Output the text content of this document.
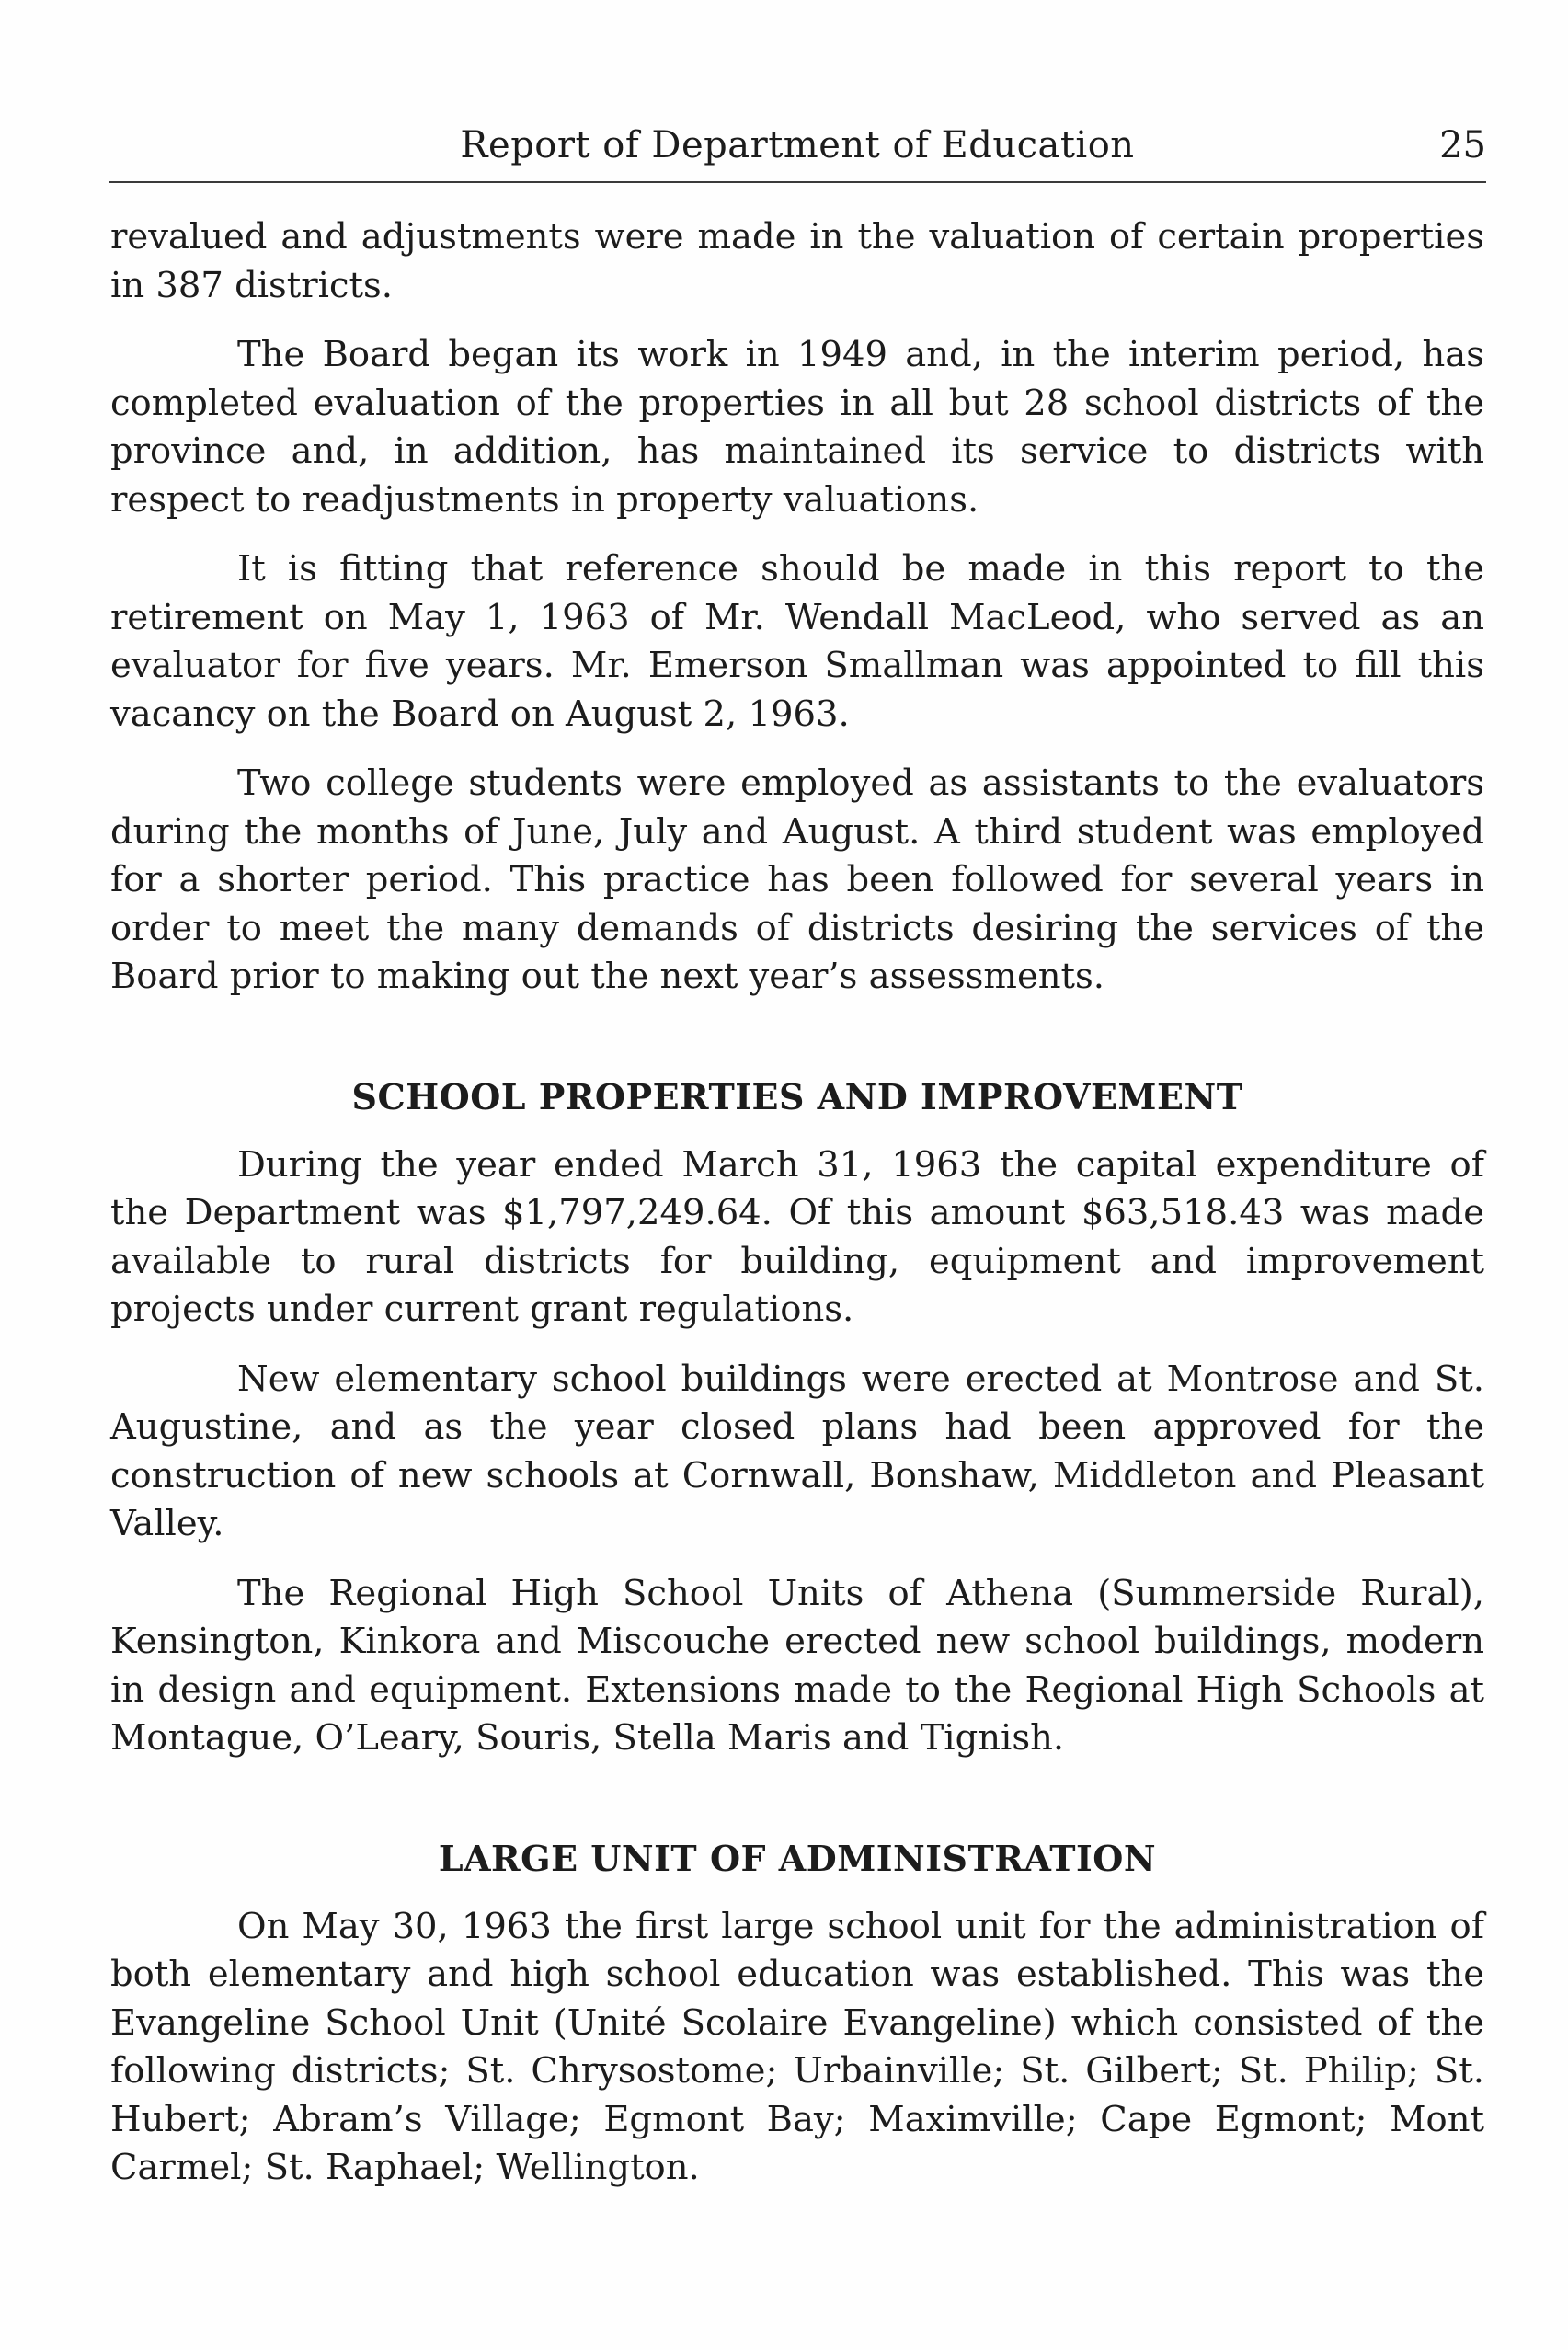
Report of Department of Education	25

revalued and adjustments were made in the valuation of certain properties in 387 districts.

The Board began its work in 1949 and, in the interim period, has completed evaluation of the properties in all but 28 school districts of the province and, in addition, has maintained its service to districts with respect to readjustments in property valuations.

It is fitting that reference should be made in this report to the retirement on May 1, 1963 of Mr. Wendall MacLeod, who served as an evaluator for five years. Mr. Emerson Smallman was appointed to fill this vacancy on the Board on August 2, 1963.

Two college students were employed as assistants to the evaluators during the months of June, July and August. A third student was employed for a shorter period. This practice has been followed for several years in order to meet the many demands of districts desiring the services of the Board prior to making out the next year’s assessments.

SCHOOL PROPERTIES AND IMPROVEMENT

During the year ended March 31, 1963 the capital expenditure of the Department was $1,797,249.64. Of this amount $63,518.43 was made available to rural districts for building, equipment and improvement projects under current grant regulations.

New elementary school buildings were erected at Montrose and St. Augustine, and as the year closed plans had been approved for the construction of new schools at Cornwall, Bonshaw, Middleton and Pleasant Valley.

The Regional High School Units of Athena (Summerside Rural), Kensington, Kinkora and Miscouche erected new school buildings, modern in design and equipment. Extensions made to the Regional High Schools at Montague, O’Leary, Souris, Stella Maris and Tignish.

LARGE UNIT OF ADMINISTRATION

On May 30, 1963 the first large school unit for the administration of both elementary and high school education was established. This was the Evangeline School Unit (Unité Scolaire Evangeline) which consisted of the following districts; St. Chrysostome; Urbainville; St. Gilbert; St. Philip; St. Hubert; Abram’s Village; Egmont Bay; Maximville; Cape Egmont; Mont Carmel; St. Raphael; Wellington.
